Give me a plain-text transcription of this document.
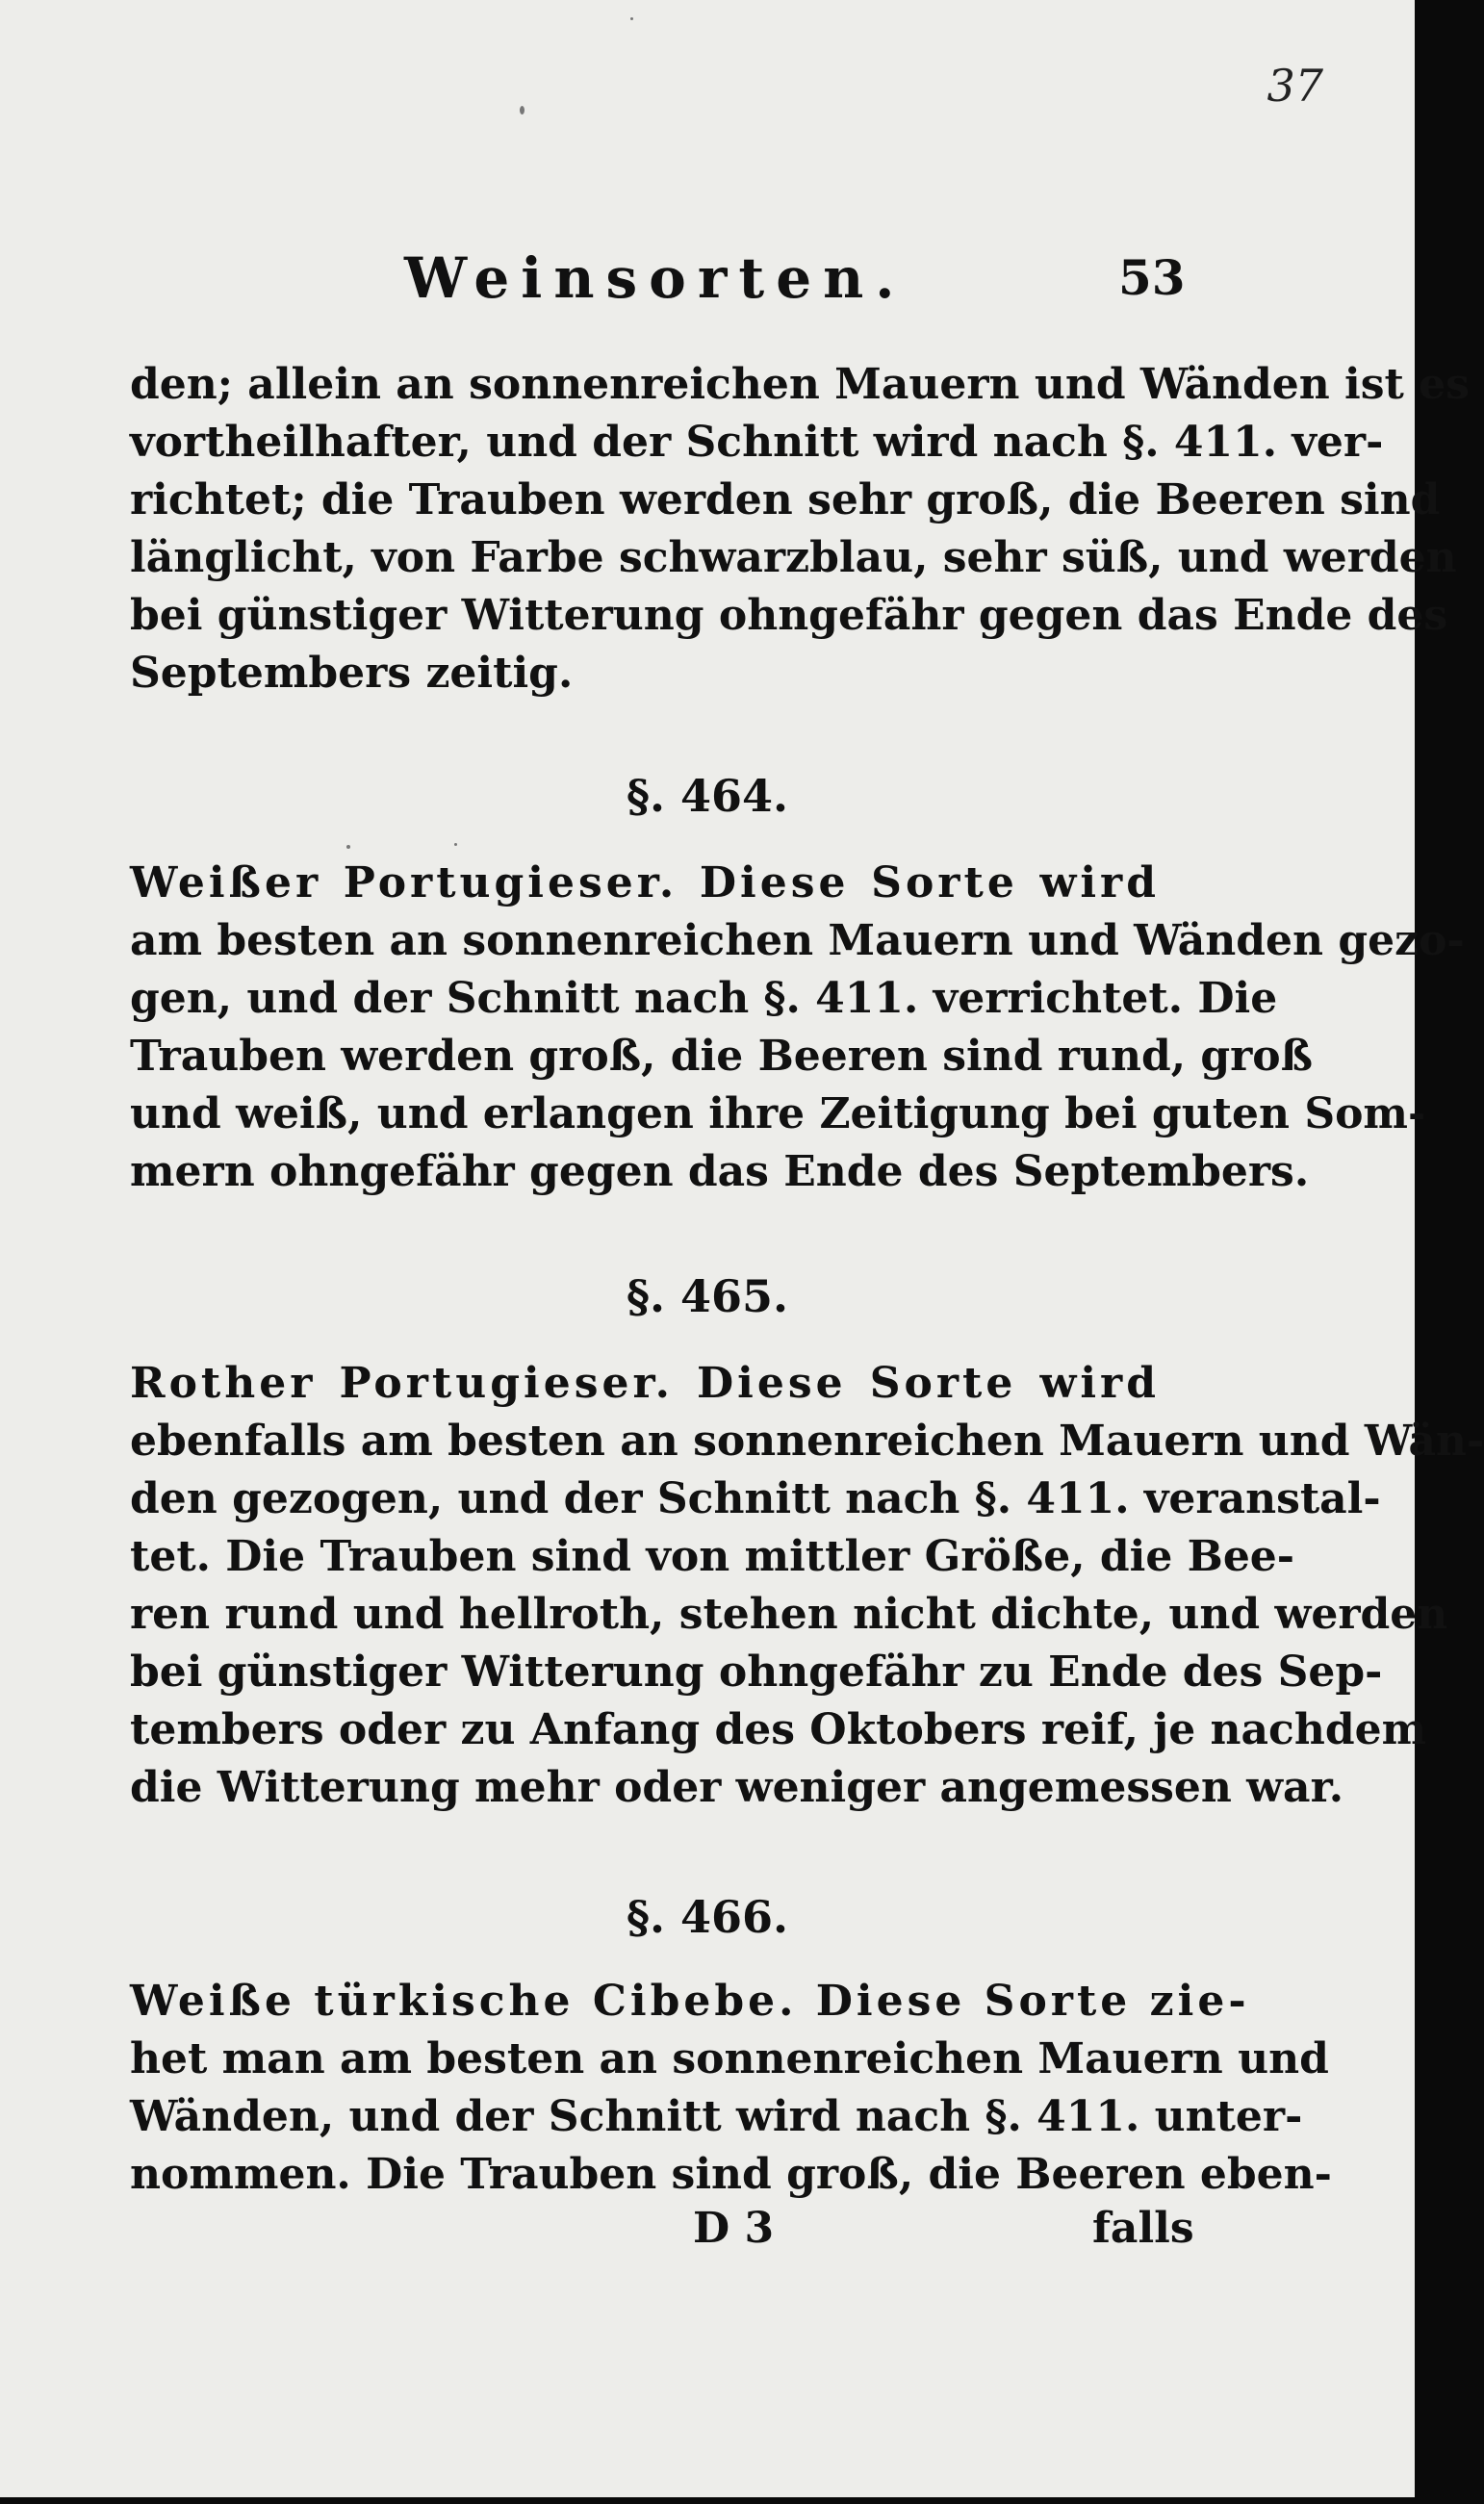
37
Weinsorten.	53
den; allein an sonnenreichen Mauern und Wänden ist es
vortheilhafter, und der Schnitt wird nach §. 411. ver-
richtet; die Trauben werden sehr groß, die Beeren sind
länglicht, von Farbe schwarzblau, sehr süß, und werden
bei günstiger Witterung ohngefähr gegen das Ende des
Septembers zeitig.
§. 464.
Weißer Portugieser. Diese Sorte wird
am besten an sonnenreichen Mauern und Wänden gezo-
gen, und der Schnitt nach §. 411. verrichtet. Die
Trauben werden groß, die Beeren sind rund, groß
und weiß, und erlangen ihre Zeitigung bei guten Som-
mern ohngefähr gegen das Ende des Septembers.
§. 465.
Rother Portugieser. Diese Sorte wird
ebenfalls am besten an sonnenreichen Mauern und Wän-
den gezogen, und der Schnitt nach §. 411. veranstal-
tet. Die Trauben sind von mittler Größe, die Bee-
ren rund und hellroth, stehen nicht dichte, und werden
bei günstiger Witterung ohngefähr zu Ende des Sep-
tembers oder zu Anfang des Oktobers reif, je nachdem
die Witterung mehr oder weniger angemessen war.
§. 466.
Weiße türkische Cibebe. Diese Sorte zie-
het man am besten an sonnenreichen Mauern und
Wänden, und der Schnitt wird nach §. 411. unter-
nommen. Die Trauben sind groß, die Beeren eben-
D 3	falls
